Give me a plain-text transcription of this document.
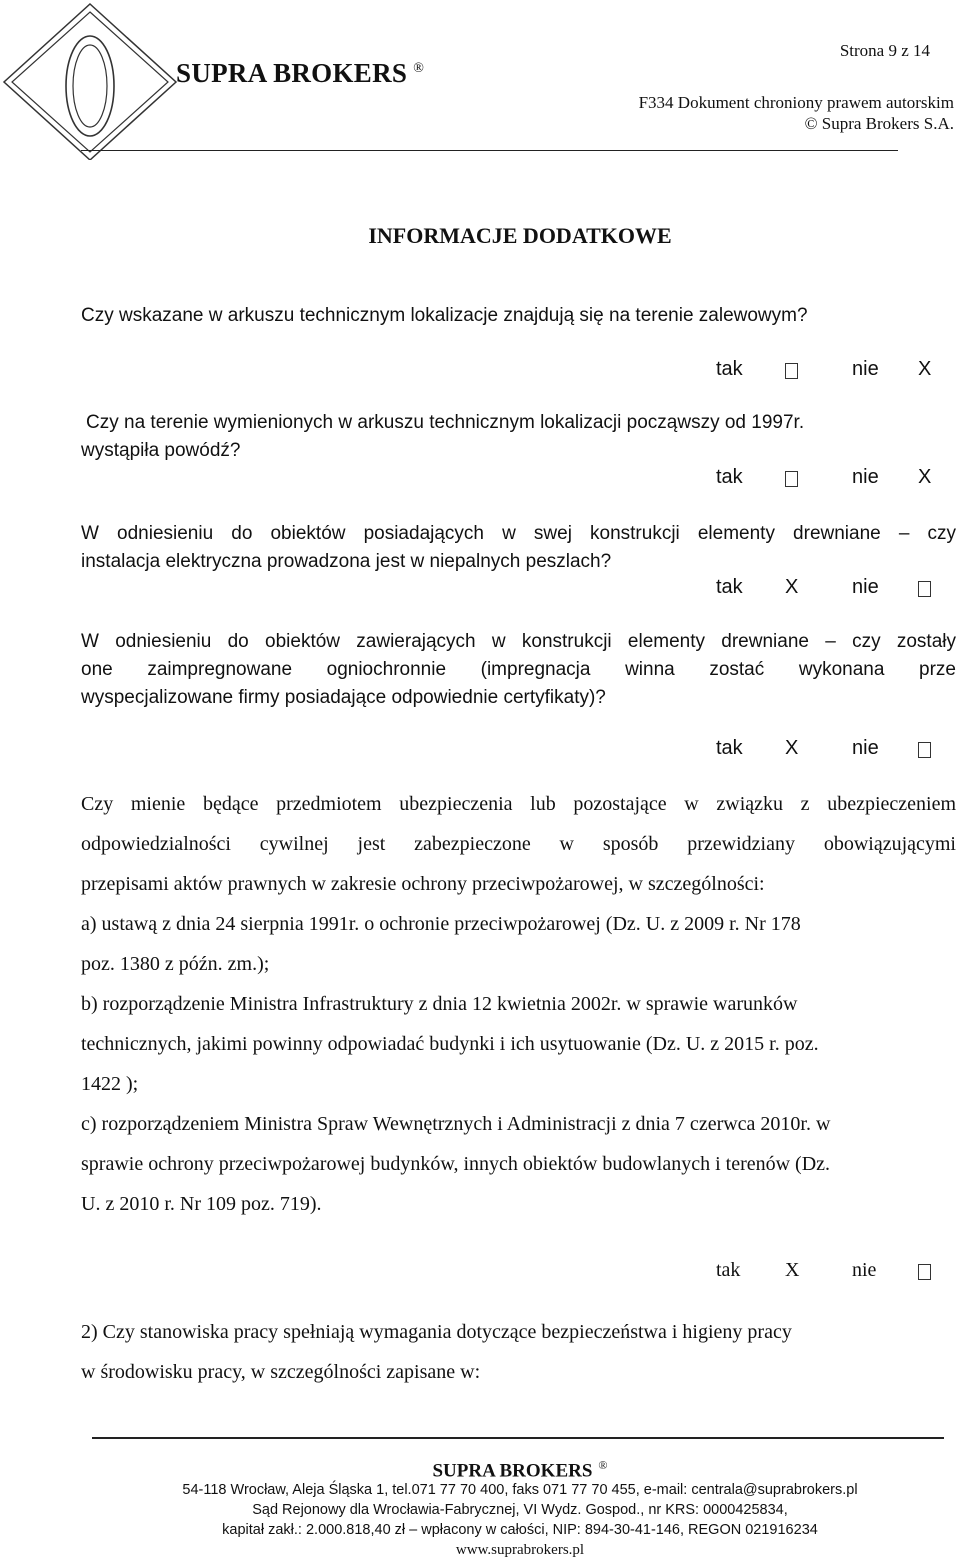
SUPRA BROKERS ®
Strona 9 z 14
F334 Dokument chroniony prawem autorskim
© Supra Brokers S.A.
INFORMACJE DODATKOWE
Czy wskazane w arkuszu technicznym lokalizacje znajdują się na terenie zalewowym?
tak	nie X
Czy na terenie wymienionych w arkuszu technicznym lokalizacji począwszy od 1997r.
wystąpiła powódź?
tak	nie X
W odniesieniu do obiektów posiadających w swej konstrukcji elementy drewniane – czy
instalacja elektryczna prowadzona jest w niepalnych peszlach?
tak X	nie
W odniesieniu do obiektów zawierających w konstrukcji elementy drewniane – czy zostały
one zaimpregnowane ogniochronnie (impregnacja winna zostać wykonana prze
wyspecjalizowane firmy posiadające odpowiednie certyfikaty)?
tak X	nie
Czy mienie będące przedmiotem ubezpieczenia lub pozostające w związku z ubezpieczeniem
odpowiedzialności cywilnej jest zabezpieczone w sposób przewidziany obowiązującymi
przepisami aktów prawnych w zakresie ochrony przeciwpożarowej, w szczególności:
a) ustawą z dnia 24 sierpnia 1991r. o ochronie przeciwpożarowej (Dz. U. z 2009 r. Nr 178
poz. 1380 z późn. zm.);
b) rozporządzenie Ministra Infrastruktury z dnia 12 kwietnia 2002r. w sprawie warunków
technicznych, jakimi powinny odpowiadać budynki i ich usytuowanie (Dz. U. z 2015 r. poz.
1422 );
c) rozporządzeniem Ministra Spraw Wewnętrznych i Administracji z dnia 7 czerwca 2010r. w
sprawie ochrony przeciwpożarowej budynków, innych obiektów budowlanych i terenów (Dz.
U. z 2010 r. Nr 109 poz. 719).
tak X	nie
2) Czy stanowiska pracy spełniają wymagania dotyczące bezpieczeństwa i higieny pracy
w środowisku pracy, w szczególności zapisane w:
SUPRA BROKERS ®
54-118 Wrocław, Aleja Śląska 1, tel.071 77 70 400, faks 071 77 70 455, e-mail: centrala@suprabrokers.pl
Sąd Rejonowy dla Wrocławia-Fabrycznej, VI Wydz. Gospod., nr KRS: 0000425834,
kapitał zakł.: 2.000.818,40 zł – wpłacony w całości, NIP: 894-30-41-146, REGON 021916234
www.suprabrokers.pl
